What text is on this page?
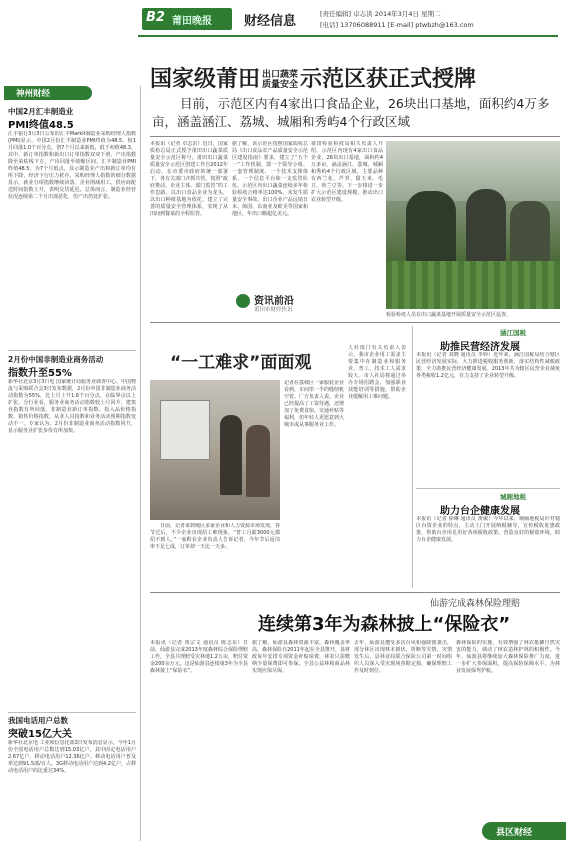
B2 莆田晚报 财经信息	[责任编辑] 卓志洪 2014年3月4日 星期二
[电话] 13706088911 [E-mail] ptwbzh@163.com
神州财经
中国2月汇丰制造业
PMI终值48.5
汇丰银行3月3日公布的汇丰Markit制造业采购经理人指数(PMI)显示，中国2月份汇丰制造业PMI终值为48.5，较1月回落1.0个百分点，创7个月以来新低，低于初值48.3。其中，新订单指数和新出口订单指数双双下滑，产出指数降至荣枯线下方，产出回落至收缩区间。汇丰制造业PMI终值48.5，为7个月低点，显示制造业产出和新订单均有所下降，经济下行压力犹存。采购经理人指数的细分数据显示，就业分项指数继续回落，企业削减用工。供应商配送时间指数上升，表明交货延迟。总体而言，制造业经营状况连续第二个月出现恶化，但产出仍处扩张。
2月份中国非制造业商务活动
指数升至55%
新华社北京3月3日电 国家统计局服务业调查中心、中国物流与采购联合会3日发布数据，2月份中国非制造业商务活动指数为55%，比上月上升1.6个百分点，在临界点以上扩张。分行业看，服务业商务活动指数较上月回升，建筑业指数有所回落。非制造业新订单指数、投入品价格指数、销售价格指数、从业人员指数和业务活动预期指数变动不一。专家认为，2月份非制造业商务活动指数回升，显示服务业扩张步伐有所加快。
我国电话用户总数
突破15亿大关
新华社北京电 工业和信息化部3日发布消息显示，今年1月份全国电话用户总数达到15.03亿户，其中固定电话用户2.67亿户、移动电话用户12.36亿户。移动电话用户普及率达到91.5部/百人。3G移动电话用户达到4.2亿户，占移动电话用户的比重达34%。
国家级莆田 出口蔬菜
质量安全示范区获正式授牌
目前，示范区内有4家出口食品企业，26块出口基地，面积约4万多亩，涵盖涵江、荔城、城厢和秀屿4个行政区域
本报讯（记者 卓志洪）近日，国家质检总局正式授予莆田出口蔬菜质量安全示范区称号。莆田出口蔬菜质量安全示范区创建工作自2012年启动，在市委市政府的统一部署下，各有关部门齐抓共管，按照“政府推动、企业主体、部门监管”的工作思路，以出口食品企业为龙头，以出口种植基地为依托，建立了完善的质量安全管理体系，实现了从田间到餐桌的全程监管。
据了解，该示范区按照国家质检总局《出口食品农产品质量安全示范区建设指南》要求，建立了“五个一”工作机制，即一个领导小组、一套管理制度、一个技术支撑体系、一个信息平台和一支监管队伍。示范区内出口蔬菜连续多年检验检疫合格率达100%，未发生质量安全事故。出口企业产品远销日本、韩国、东南亚及欧美等国家和地区，年出口额超亿美元。
莆田检验检疫局相关负责人介绍，示范区内现有4家出口食品企业，26块出口基地，面积约4万多亩，涵盖涵江、荔城、城厢和秀屿4个行政区域。主要品种有西兰花、芦笋、甜玉米、毛豆、荷兰豆等。下一步将进一步扩大示范区建设规模，推动出口农业转型升级。
资讯前沿
莆田市财经快讯
检验检疫人员在出口蔬菜基地开展质量安全示范区巡查。
“一工难求”面面观
日前，记者来到城区多家企业和人力资源市场发现，春节过后，不少企业出现招工难现象。“普工月薪3000元都招不到人，”一家鞋业企业负责人告诉记者，今年节后返岗率不足七成，订单却一天比一天多。
记者在荔城区一家服装企业看到，车间里一半的缝纫机空着。厂方负责人说，企业已经提高了工资待遇，还增加了免费食宿、交通补贴等福利，但年轻人更愿意到大城市或从事服务业工作。
人社部门有关负责人表示，我市企业用工需求主要集中在制造业和服务业，普工、技术工人需求较大。市人社局将通过举办专场招聘会、加强职业技能培训等措施，帮助企业缓解用工难问题。
涵江国税
助推民营经济发展
本报讯（记者 刘晓 通讯员 李婷）近年来，涵江国税局结合辖区民营经济发展实际，大力推进税收服务创新，落实结构性减税政策，全力助推民营经济健康发展。2013年共为辖区民营企业减免各类税收1.2亿元，有力支持了企业转型升级。
城厢地税
助力台企健康发展
本报讯（记者 徐琳 通讯员 黄敏）今年以来，城厢地税局针对辖区台资企业的特点，主动上门开展纳税辅导，宣传税收优惠政策，帮助台企用足用好各项税收政策，营造良好的税收环境，助力台企健康发展。
仙游完成森林保险理赔
连续第3年为森林披上“保险衣”
本报讯（记者 黄宗文 通讯员 陈志东）日前，仙游县完成2013年度森林综合保险理赔工作，全县共理赔受灾林地1.2万亩，赔付资金200余万元。这是仙游县连续第3年为全县森林披上“保险衣”。
据了解，仙游县森林资源丰富，森林覆盖率高，森林保险自2011年起在全县推开，县财政每年安排专项资金补贴保费，林农只需缴纳少量保费即可参保，全县公益林和商品林实现应保尽保。
去年，仙游县遭受多次台风和强降雨袭击，部分林区出现林木倒伏、折断等灾情。灾情发生后，县林业局联合保险公司第一时间组织人员深入受灾现场查勘定损，确保理赔工作及时到位。
森林保险的实施，有效增强了林农抵御自然灾害的能力，调动了林农造林护林的积极性。今年，仙游县将继续加大森林保险推广力度，进一步扩大参保面积，提高保险保障水平，为林业发展保驾护航。
县区财经
